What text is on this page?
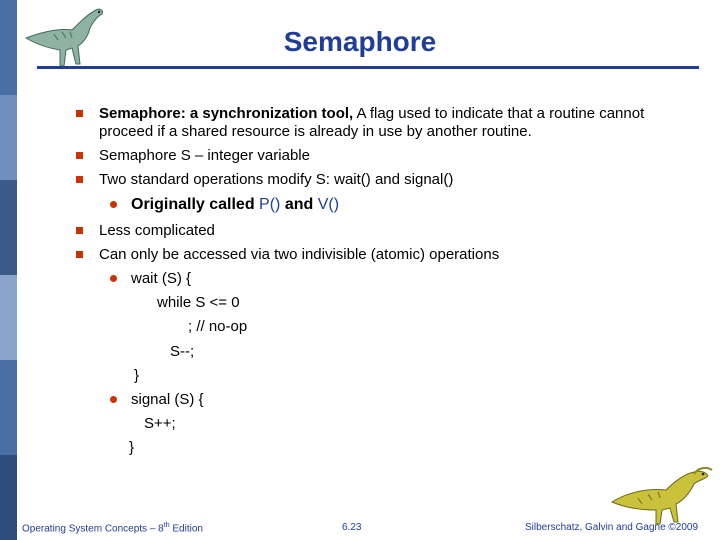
Semaphore
Semaphore: a synchronization tool, A flag used to indicate that a routine cannot
proceed if a shared resource is already in use by another routine.
Semaphore S – integer variable
Two standard operations modify S: wait() and signal()
Originally called P() and V()
Less complicated
Can only be accessed via two indivisible (atomic) operations
wait (S) {
while S <= 0
; // no-op
S--;
}
signal (S) {
S++;
}
Operating System Concepts – 8th Edition	6.23	Silberschatz, Galvin and Gagne ©2009
